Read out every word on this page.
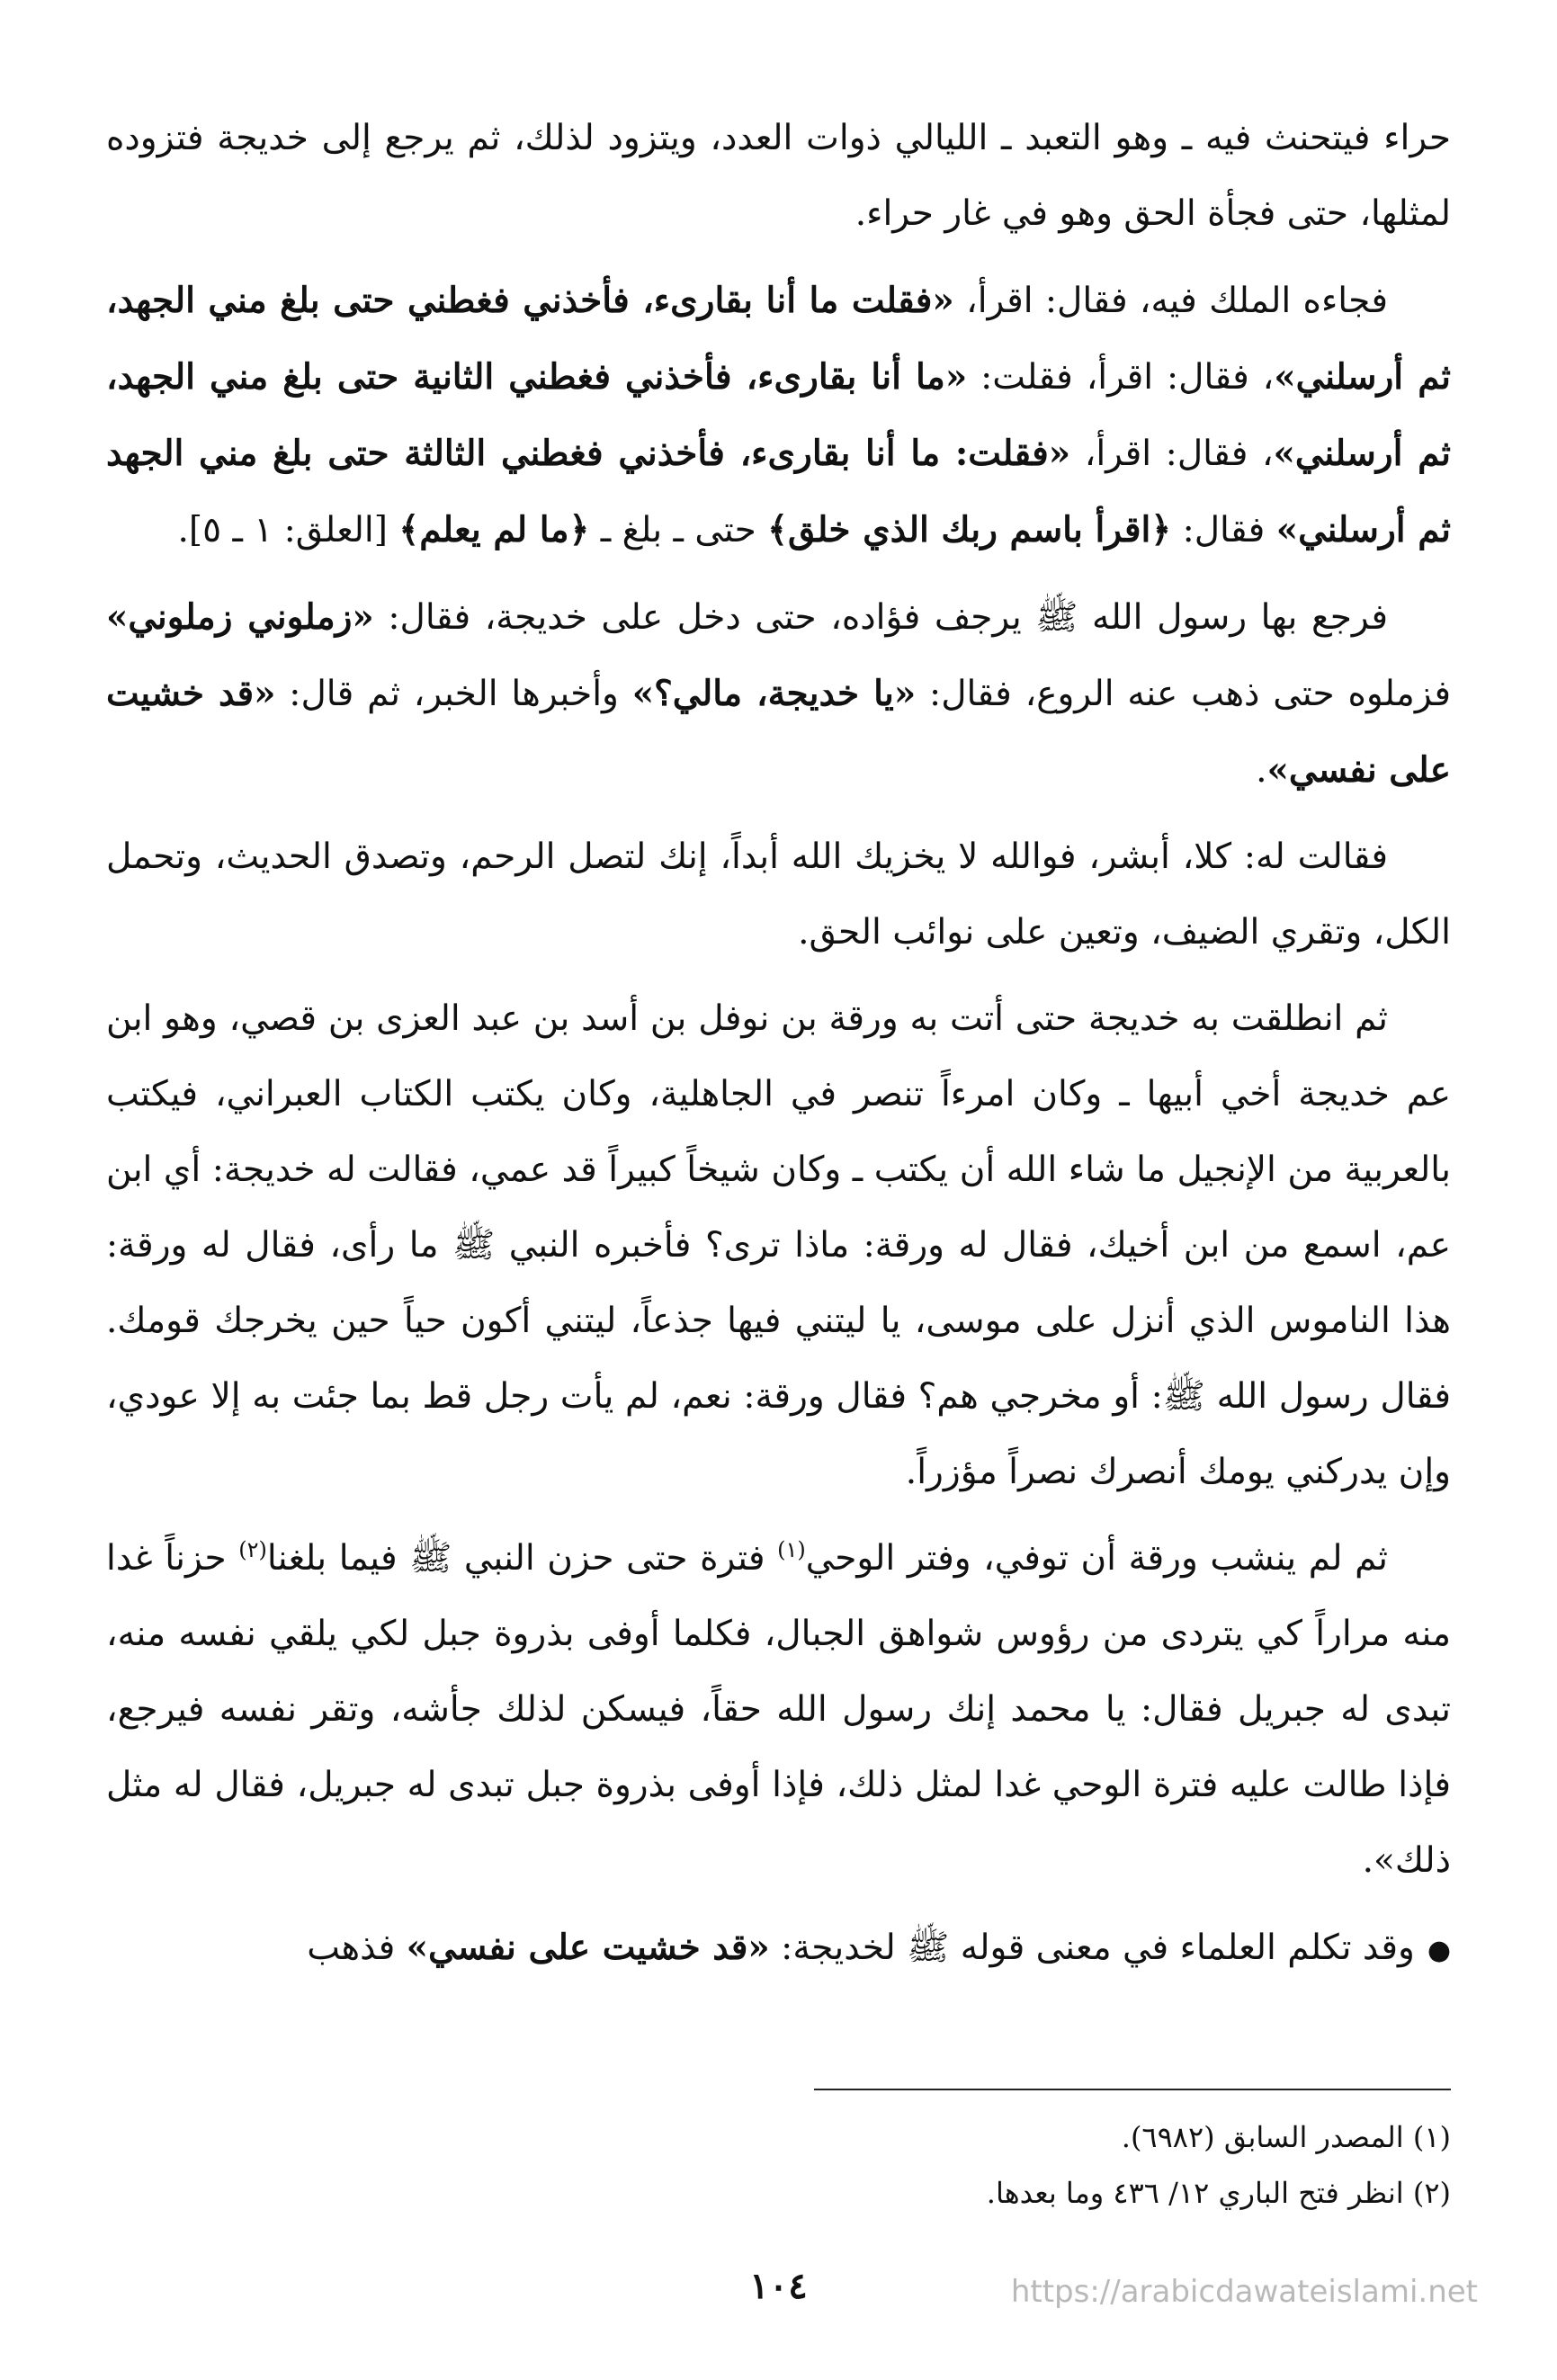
حراء فيتحنث فيه ـ وهو التعبد ـ الليالي ذوات العدد، ويتزود لذلك، ثم يرجع إلى خديجة فتزوده لمثلها، حتى فجأة الحق وهو في غار حراء.

فجاءه الملك فيه، فقال: اقرأ، «فقلت ما أنا بقارىء، فأخذني فغطني حتى بلغ مني الجهد، ثم أرسلني»، فقال: اقرأ، فقلت: «ما أنا بقارىء، فأخذني فغطني الثانية حتى بلغ مني الجهد، ثم أرسلني»، فقال: اقرأ، «فقلت: ما أنا بقارىء، فأخذني فغطني الثالثة حتى بلغ مني الجهد ثم أرسلني» فقال: ﴿اقرأ باسم ربك الذي خلق﴾ حتى ـ بلغ ـ ﴿ما لم يعلم﴾ [العلق: ١ ـ ٥].

فرجع بها رسول الله ﷺ يرجف فؤاده، حتى دخل على خديجة، فقال: «زملوني زملوني» فزملوه حتى ذهب عنه الروع، فقال: «يا خديجة، مالي؟» وأخبرها الخبر، ثم قال: «قد خشيت على نفسي».

فقالت له: كلا، أبشر، فوالله لا يخزيك الله أبداً، إنك لتصل الرحم، وتصدق الحديث، وتحمل الكل، وتقري الضيف، وتعين على نوائب الحق.

ثم انطلقت به خديجة حتى أتت به ورقة بن نوفل بن أسد بن عبد العزى بن قصي، وهو ابن عم خديجة أخي أبيها ـ وكان امرءاً تنصر في الجاهلية، وكان يكتب الكتاب العبراني، فيكتب بالعربية من الإنجيل ما شاء الله أن يكتب ـ وكان شيخاً كبيراً قد عمي، فقالت له خديجة: أي ابن عم، اسمع من ابن أخيك، فقال له ورقة: ماذا ترى؟ فأخبره النبي ﷺ ما رأى، فقال له ورقة: هذا الناموس الذي أنزل على موسى، يا ليتني فيها جذعاً، ليتني أكون حياً حين يخرجك قومك. فقال رسول الله ﷺ: أو مخرجي هم؟ فقال ورقة: نعم، لم يأت رجل قط بما جئت به إلا عودي، وإن يدركني يومك أنصرك نصراً مؤزراً.

ثم لم ينشب ورقة أن توفي، وفتر الوحي$^{(١)}$ فترة حتى حزن النبي ﷺ فيما بلغنا$^{(٢)}$ حزناً غدا منه مراراً كي يتردى من رؤوس شواهق الجبال، فكلما أوفى بذروة جبل لكي يلقي نفسه منه، تبدى له جبريل فقال: يا محمد إنك رسول الله حقاً، فيسكن لذلك جأشه، وتقر نفسه فيرجع، فإذا طالت عليه فترة الوحي غدا لمثل ذلك، فإذا أوفى بذروة جبل تبدى له جبريل، فقال له مثل ذلك».

●وقد تكلم العلماء في معنى قوله ﷺ لخديجة: «قد خشيت على نفسي» فذهب

(١) المصدر السابق (٦٩٨٢).

(٢) انظر فتح الباري ١٢/ ٤٣٦ وما بعدها.

١٠٤	https://arabicdawateislami.net
